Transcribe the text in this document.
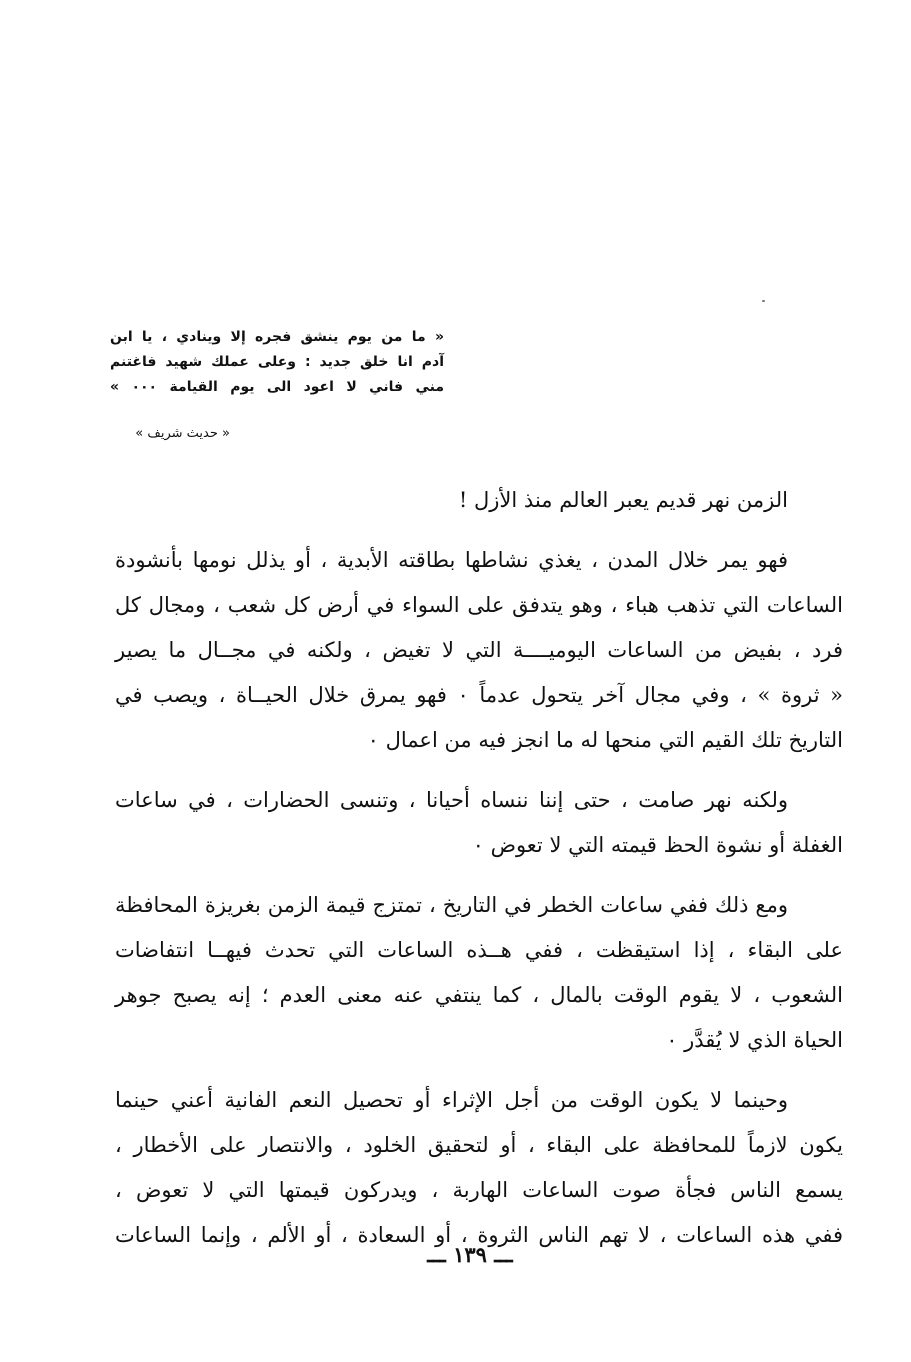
« ما من يوم ينشق فجره إلا وينادي ، يا ابن
آدم انا خلق جديد : وعلى عملك شهيد فاغتنم
مني فاني لا اعود الى يوم القيامة ٠٠٠ »
« حديث شريف »
الزمن نهر قديم يعبر العالم منذ الأزل !
فهو يمر خلال المدن ، يغذي نشاطها بطاقته الأبدية ، أو يذلل نومها بأنشودة
الساعات التي تذهب هباء ، وهو يتدفق على السواء في أرض كل شعب ، ومجال كل
فرد ، بفيض من الساعات اليوميــــة التي لا تغيض ، ولكنه في مجــال ما يصير
« ثروة » ، وفي مجال آخر يتحول عدماً ٠ فهو يمرق خلال الحيــاة ، ويصب في
التاريخ تلك القيم التي منحها له ما انجز فيه من اعمال ٠
ولكنه نهر صامت ، حتى إننا ننساه أحيانا ، وتنسى الحضارات ، في ساعات
الغفلة أو نشوة الحظ قيمته التي لا تعوض ٠
ومع ذلك ففي ساعات الخطر في التاريخ ، تمتزج قيمة الزمن بغريزة المحافظة
على البقاء ، إذا استيقظت ، ففي هــذه الساعات التي تحدث فيهــا انتفاضات
الشعوب ، لا يقوم الوقت بالمال ، كما ينتفي عنه معنى العدم ؛ إنه يصبح جوهر
الحياة الذي لا يُقدَّر ٠
وحينما لا يكون الوقت من أجل الإثراء أو تحصيل النعم الفانية أعني حينما
يكون لازماً للمحافظة على البقاء ، أو لتحقيق الخلود ، والانتصار على الأخطار ،
يسمع الناس فجأة صوت الساعات الهاربة ، ويدركون قيمتها التي لا تعوض ،
ففي هذه الساعات ، لا تهم الناس الثروة ، أو السعادة ، أو الألم ، وإنما الساعات
ـــ ١٣٩ ـــ
